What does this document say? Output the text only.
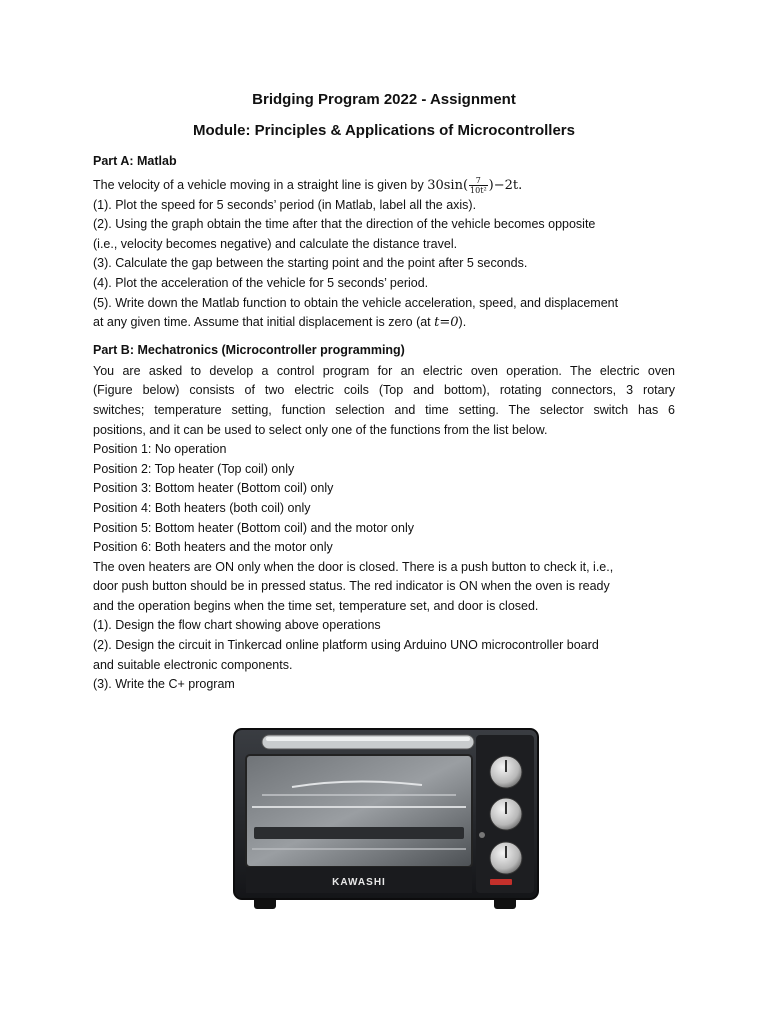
Bridging Program 2022 - Assignment

Module: Principles & Applications of Microcontrollers

Part A: Matlab

The velocity of a vehicle moving in a straight line is given by $30\sin( \frac{7}{\text{10t²}} )-2t$.

(1). Plot the speed for 5 seconds’ period (in Matlab, label all the axis).

(2). Using the graph obtain the time after that the direction of the vehicle becomes opposite

(i.e., velocity becomes negative) and calculate the distance travel.

(3). Calculate the gap between the starting point and the point after 5 seconds.

(4). Plot the acceleration of the vehicle for 5 seconds’ period.

(5). Write down the Matlab function to obtain the vehicle acceleration, speed, and displacement

at any given time. Assume that initial displacement is zero (at t=0).

Part B: Mechatronics (Microcontroller programming)

You are asked to develop a control program for an electric oven operation. The electric oven

(Figure below) consists of two electric coils (Top and bottom), rotating connectors, 3 rotary

switches; temperature setting, function selection and time setting. The selector switch has 6

positions, and it can be used to select only one of the functions from the list below.

Position 1: No operation

Position 2: Top heater (Top coil) only

Position 3: Bottom heater (Bottom coil) only

Position 4: Both heaters (both coil) only

Position 5: Bottom heater (Bottom coil) and the motor only

Position 6: Both heaters and the motor only

The oven heaters are ON only when the door is closed. There is a push button to check it, i.e.,

door push button should be in pressed status. The red indicator is ON when the oven is ready

and the operation begins when the time set, temperature set, and door is closed.

(1). Design the flow chart showing above operations

(2). Design the circuit in Tinkercad online platform using Arduino UNO microcontroller board

and suitable electronic components.

(3). Write the C+ program

KAWASHI
